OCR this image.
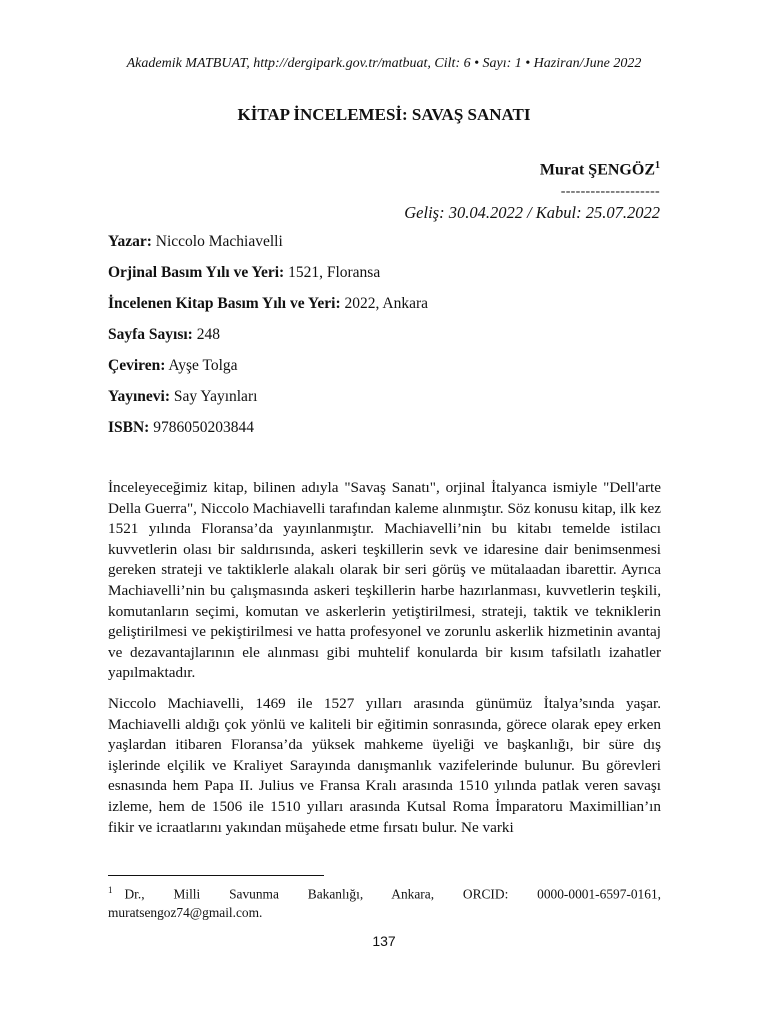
Akademik MATBUAT, http://dergipark.gov.tr/matbuat, Cilt: 6 • Sayı: 1 • Haziran/June 2022
KİTAP İNCELEMESİ: SAVAŞ SANATI
Murat ŞENGÖZ$^1$
--------------------
Geliş: 30.04.2022 / Kabul: 25.07.2022
Yazar: Niccolo Machiavelli
Orjinal Basım Yılı ve Yeri: 1521, Floransa
İncelenen Kitap Basım Yılı ve Yeri: 2022, Ankara
Sayfa Sayısı: 248
Çeviren: Ayşe Tolga
Yayınevi: Say Yayınları
ISBN: 9786050203844

İnceleyeceğimiz kitap, bilinen adıyla "Savaş Sanatı", orjinal İtalyanca ismiyle "Dell'arte Della Guerra", Niccolo Machiavelli tarafından kaleme alınmıştır. Söz konusu kitap, ilk kez 1521 yılında Floransa’da yayınlanmıştır. Machiavelli’nin bu kitabı temelde istilacı kuvvetlerin olası bir saldırısında, askeri teşkillerin sevk ve idaresine dair benimsenmesi gereken strateji ve taktiklerle alakalı olarak bir seri görüş ve mütalaadan ibarettir. Ayrıca Machiavelli’nin bu çalışmasında askeri teşkillerin harbe hazırlanması, kuvvetlerin teşkili, komutanların seçimi, komutan ve askerlerin yetiştirilmesi, strateji, taktik ve tekniklerin geliştirilmesi ve pekiştirilmesi ve hatta profesyonel ve zorunlu askerlik hizmetinin avantaj ve dezavantajlarının ele alınması gibi muhtelif konularda bir kısım tafsilatlı izahatler yapılmaktadır.

Niccolo Machiavelli, 1469 ile 1527 yılları arasında günümüz İtalya’sında yaşar. Machiavelli aldığı çok yönlü ve kaliteli bir eğitimin sonrasında, görece olarak epey erken yaşlardan itibaren Floransa’da yüksek mahkeme üyeliği ve başkanlığı, bir süre dış işlerinde elçilik ve Kraliyet Sarayında danışmanlık vazifelerinde bulunur. Bu görevleri esnasında hem Papa II. Julius ve Fransa Kralı arasında 1510 yılında patlak veren savaşı izleme, hem de 1506 ile 1510 yılları arasında Kutsal Roma İmparatoru Maximillian’ın fikir ve icraatlarını yakından müşahede etme fırsatı bulur. Ne varki

$^1$ Dr., Milli Savunma Bakanlığı, Ankara, ORCID: 0000-0001-6597-0161, muratsengoz74@gmail.com.
137
